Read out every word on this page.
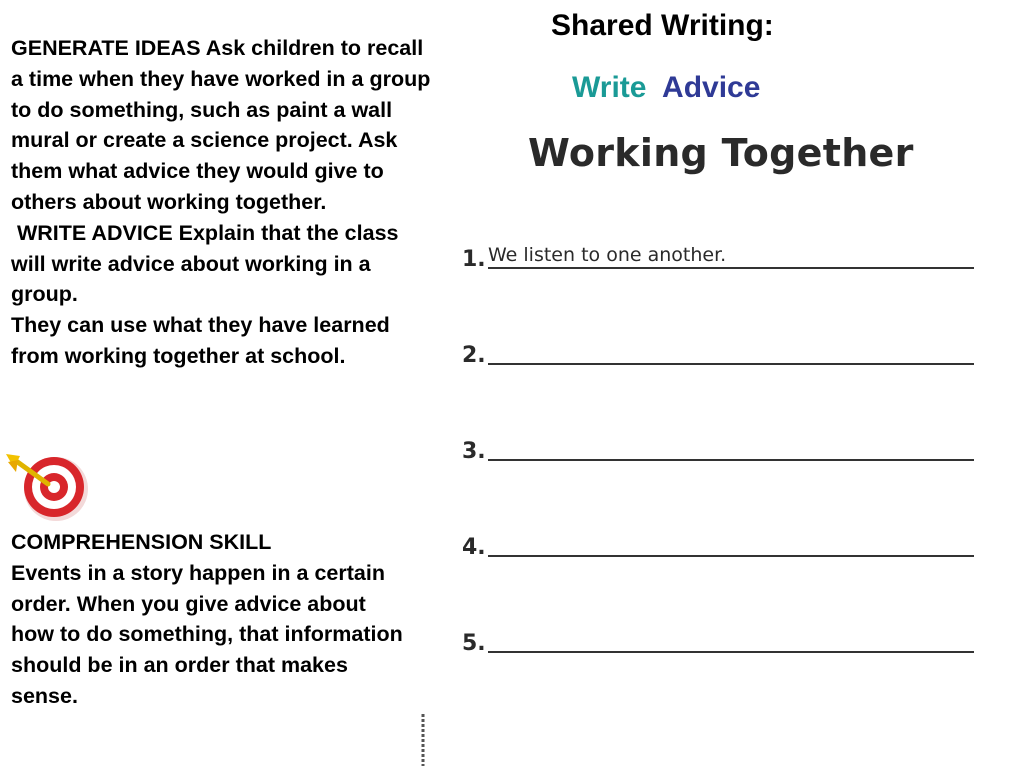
GENERATE IDEAS Ask children to recall a time when they have worked in a group to do something, such as paint a wall mural or create a science project. Ask them what advice they would give to others about working together.

WRITE ADVICE Explain that the class will write advice about working in a group.

They can use what they have learned from working together at school.

COMPREHENSION SKILL

Events in a story happen in a certain order. When you give advice about how to do something, that information should be in an order that makes sense.

Shared Writing:
Write Advice
Working Together
1. We listen to one another.
2.
3.
4.
5.
